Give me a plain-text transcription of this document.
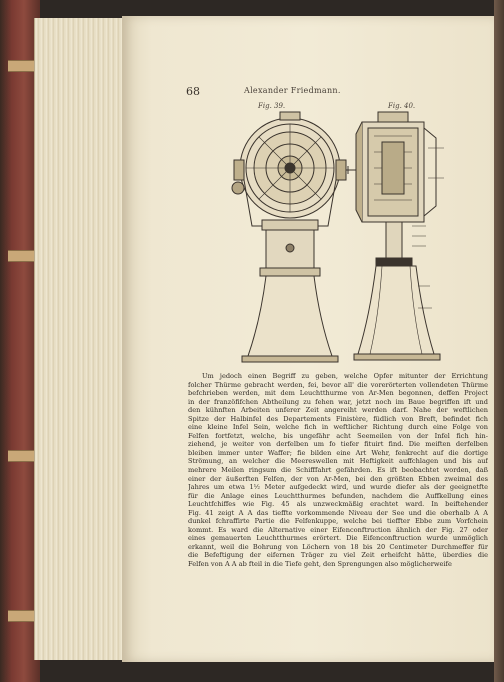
68	Alexander Friedmann.
Fig. 39.	Fig. 40.
Um jedoch einen Begriff zu geben, welche Opfer mitunter der Errichtung
folcher Thürme gebracht werden, fei, bevor all' die vorerörterten vollendeten Thürme
befchrieben werden, mit dem Leuchtthurme von Ar-Men begonnen, deffen Project
in der franzöfifchen Abtheilung zu fehen war, jetzt noch im Baue begriffen ift und
den kühnften Arbeiten unferer Zeit angereiht werden darf. Nahe der weftlichen
Spitze der Halbinfel des Departements Finistère, füdlich von Breft, befindet fich
eine kleine Infel Sein, welche fich in weftlicher Richtung durch eine Folge von
Felfen fortfetzt, welche, bis ungefähr acht Seemeilen von der Infel fich hin-
ziehend, je weiter von derfelben um fo tiefer fituirt find. Die meiften derfelben
bleiben immer unter Waffer; fie bilden eine Art Wehr, fenkrecht auf die dortige
Strömung, an welcher die Meereswellen mit Heftigkeit auffchlagen und bis auf
mehrere Meilen ringsum die Schifffahrt gefährden. Es ift beobachtet worden, daß
einer der äußerften Felfen, der von Ar-Men, bei den größten Ebben zweimal des
Jahres um etwa 1½ Meter aufgedeckt wird, und wurde diefer als der geeignetfte
für die Anlage eines Leuchtthurmes befunden, nachdem die Auffkellung eines
Leuchtfchiffes wie Fig. 45 als unzweckmäßig erachtet ward. In beiftehender
Fig. 41 zeigt A A das tieffte vorkommende Niveau der See und die oberhalb A A
dunkel fchraffirte Partie die Felfenkuppe, welche bei tieffter Ebbe zum Vorfchein
kommt. Es ward die Alternative einer Eifenconftruction ähnlich der Fig. 27 oder
eines gemauerten Leuchtthurmes erörtert. Die Eifenconftruction wurde unmöglich
erkannt, weil die Bohrung von Löchern von 18 bis 20 Centimeter Durchmeffer für
die Befeftigung der eifernen Träger zu viel Zeit erheifcht hätte, überdies die
Felfen von A A ab fteil in die Tiefe geht, den Sprengungen also möglicherweife
